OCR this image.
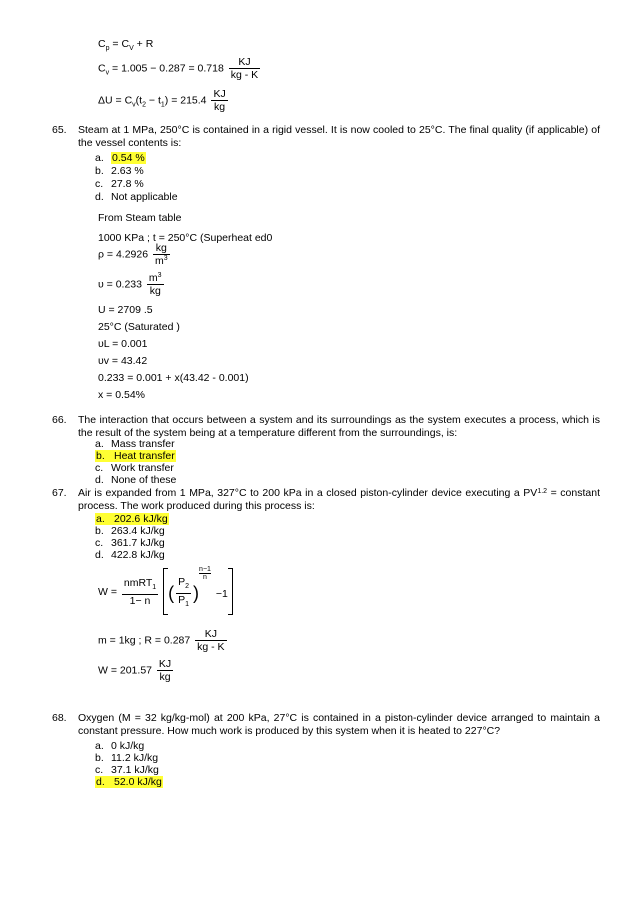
$C_p = C_V + R$
$C_v = 1.005 - 0.287 = 0.718 \frac{KJ}{kg - K}$
$\Delta U = C_v(t_2 - t_1) = 215.4 \frac{KJ}{kg}$
65. Steam at 1 MPa, 250°C is contained in a rigid vessel. It is now cooled to 25°C. The final quality (if applicable) of the vessel contents is:
a. 0.54 %
b. 2.63 %
c. 27.8 %
d. Not applicable
From Steam table
1000 KPa ; t = 250°C (Superheat ed0
$\rho = 4.2926 \frac{kg}{m^3}$
$\upsilon = 0.233 \frac{m^3}{kg}$
U = 2709 .5
25°C (Saturated )
υL = 0.001
υv = 43.42
0.233 = 0.001 + x(43.42 - 0.001)
x = 0.54%
66. The interaction that occurs between a system and its surroundings as the system executes a process, which is the result of the system being at a temperature different from the surroundings, is:
a. Mass transfer
b. Heat transfer
c. Work transfer
d. None of these
67. Air is expanded from 1 MPa, 327°C to 200 kPa in a closed piston-cylinder device executing a $PV^{1.2}$ = constant process. The work produced during this process is:
a. 202.6 kJ/kg
b. 263.4 kJ/kg
c. 361.7 kJ/kg
d. 422.8 kJ/kg
$W = \frac{nmRT_1}{1- n}$
( $\frac{P_2}{P_1}$ )
$\frac{n-1}{n}$
−1
m = 1kg ; $R = 0.287 \frac{KJ}{kg - K}$
$W = 201.57 \frac{KJ}{kg}$
68. Oxygen (M = 32 kg/kg-mol) at 200 kPa, 27°C is contained in a piston-cylinder device arranged to maintain a constant pressure. How much work is produced by this system when it is heated to 227°C?
a. 0 kJ/kg
b. 11.2 kJ/kg
c. 37.1 kJ/kg
d. 52.0 kJ/kg
